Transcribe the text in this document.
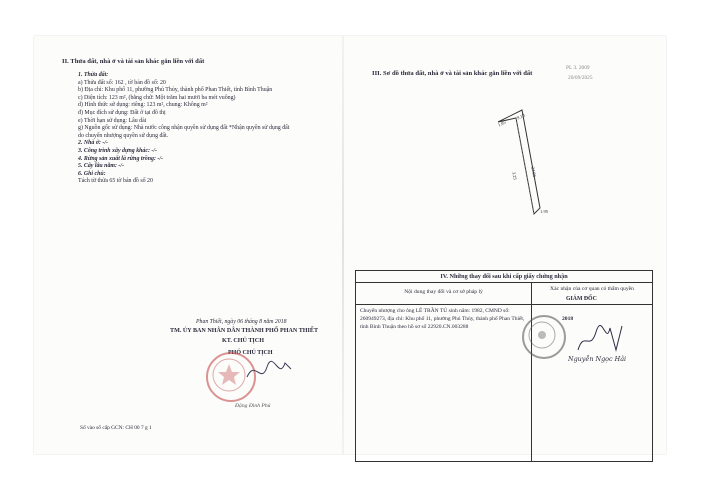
II. Thửa đất, nhà ở và tài sản khác gắn liền với đất
1. Thửa đất:
a) Thửa đất số: 162 , tờ bản đồ số: 20
b) Địa chỉ: Khu phố 11, phường Phú Thủy, thành phố Phan Thiết, tỉnh Bình Thuận
c) Diện tích: 123 m², (bằng chữ: Một trăm hai mươi ba mét vuông)
d) Hình thức sử dụng: riêng: 123 m², chung: Không m²
đ) Mục đích sử dụng: Đất ở tại đô thị
e) Thời hạn sử dụng: Lâu dài
g) Nguồn gốc sử dụng: Nhà nước công nhận quyền sử dụng đất *Nhận quyền sử dụng đất
do chuyển nhượng quyền sử dụng đất.
2. Nhà ở: -/-
3. Công trình xây dựng khác: -/-
4. Rừng sản xuất là rừng trồng: -/-
5. Cây lâu năm: -/-
6. Ghi chú:
Tách từ thửa 65 tờ bản đồ số 20
Phan Thiết, ngày 06 tháng 8 năm 2018
TM. ỦY BAN NHÂN DÂN THÀNH PHỐ PHAN THIẾT
KT. CHỦ TỊCH
PHÓ CHỦ TỊCH
Đặng Đình Phú
Số vào sổ cấp GCN: CH 00 7 g 1
III. Sơ đồ thửa đất, nhà ở và tài sản khác gắn liền với đất
PL 3. 2009
20/09/2025
1.85
24.86
3.25
9.10
1.95
IV. Những thay đổi sau khi cấp giấy chứng nhận
Nội dung thay đổi và cơ sở pháp lý	Xác nhận của cơ quan có thẩm quyền
Chuyển nhượng cho ông LÊ TRẦN TÚ sinh năm: 1982, CMND số: 260949273, địa chỉ: Khu phố 11, phường Phú Thủy, thành phố Phan Thiết, tỉnh Bình Thuận theo hồ sơ số 22920.CN.003288
GIÁM ĐỐC
2018
Nguyễn Ngọc Hải
